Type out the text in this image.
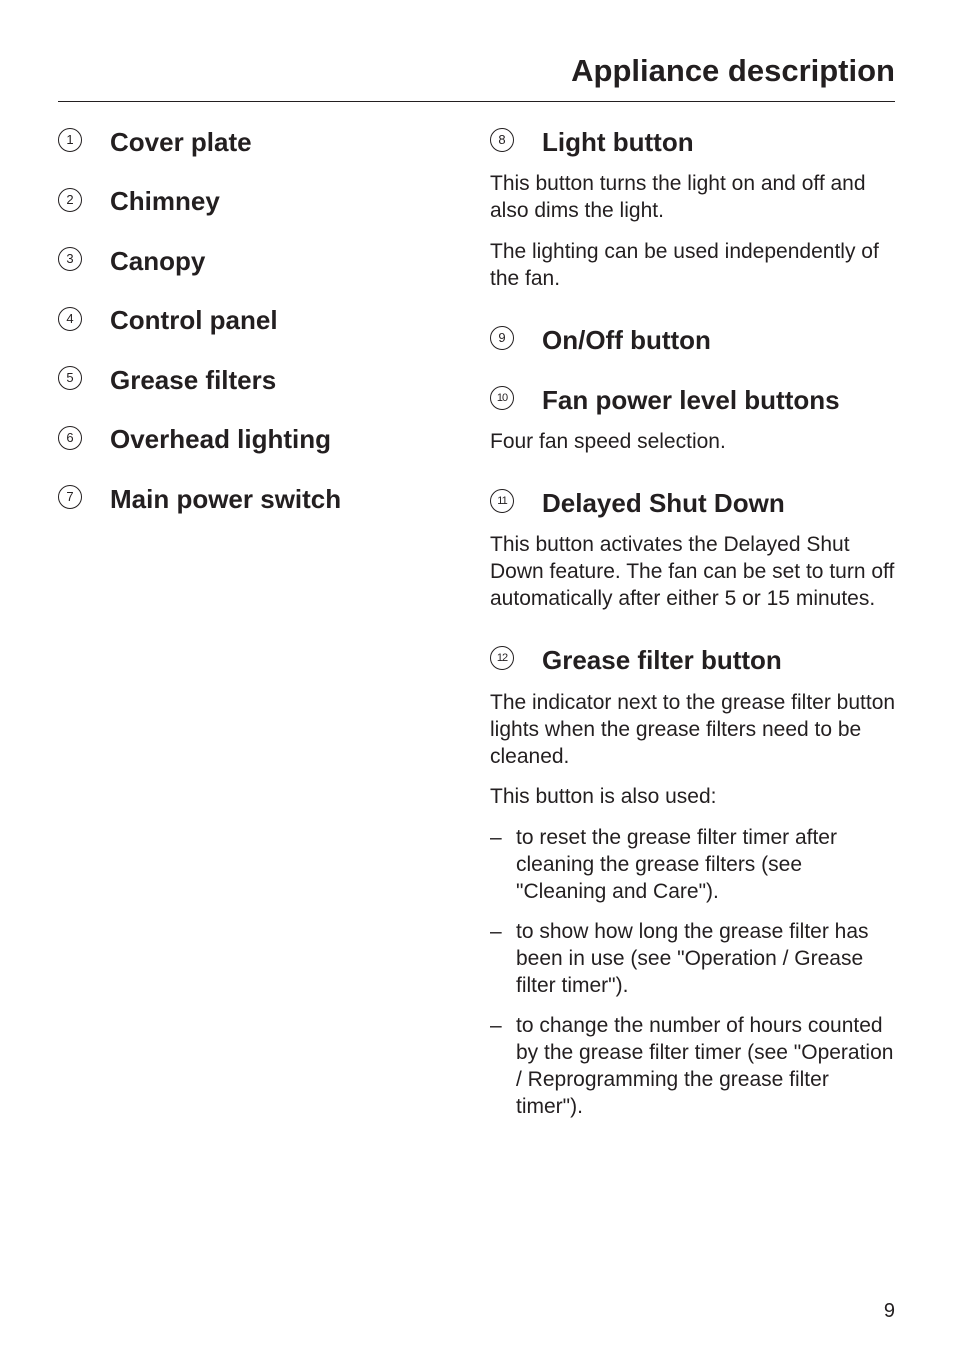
Appliance description
1	Cover plate
2	Chimney
3	Canopy
4	Control panel
5	Grease filters
6	Overhead lighting
7	Main power switch
8	Light button

This button turns the light on and off and also dims the light.

The lighting can be used independently of the fan.

9	On/Off button
10	Fan power level buttons

Four fan speed selection.

11	Delayed Shut Down

This button activates the Delayed Shut Down feature. The fan can be set to turn off automatically after either 5 or 15 minutes.

12	Grease filter button

The indicator next to the grease filter button lights when the grease filters need to be cleaned.

This button is also used:

– to reset the grease filter timer after cleaning the grease filters (see "Cleaning and Care").
– to show how long the grease filter has been in use (see "Operation / Grease filter timer").
– to change the number of hours counted by the grease filter timer (see "Operation / Reprogramming the grease filter timer").
9
